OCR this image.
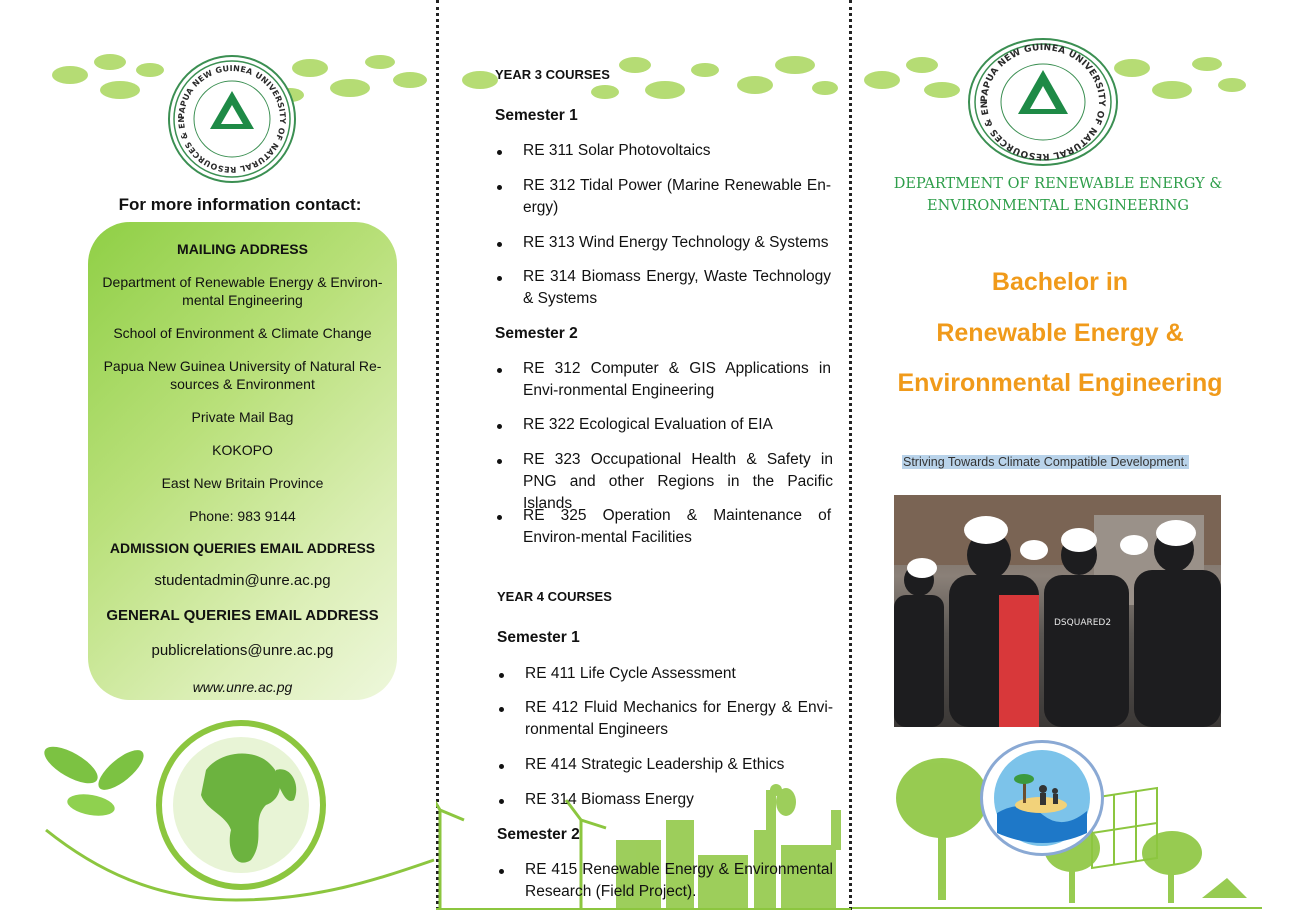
PAPUA NEW GUINEA UNIVERSITY OF NATURAL RESOURCES & EN
For more information contact:
MAILING ADDRESS
Department of Renewable Energy & Environ-mental Engineering
School of Environment & Climate Change
Papua New Guinea University of Natural Re-sources & Environment
Private Mail Bag
KOKOPO
East New Britain Province
Phone: 983 9144
ADMISSION QUERIES EMAIL ADDRESS
studentadmin@unre.ac.pg
GENERAL QUERIES EMAIL ADDRESS
publicrelations@unre.ac.pg
www.unre.ac.pg
YEAR 3 COURSES
Semester 1
RE 311 Solar Photovoltaics
RE 312 Tidal Power (Marine Renewable En-ergy)
RE 313 Wind Energy Technology & Systems
RE 314 Biomass Energy, Waste Technology & Systems
Semester 2
RE 312 Computer & GIS Applications in Envi-ronmental Engineering
RE 322 Ecological Evaluation of EIA
RE 323 Occupational Health & Safety in PNG and other Regions in the Pacific Islands
RE 325 Operation & Maintenance of Environ-mental Facilities
YEAR 4 COURSES
Semester 1
RE 411 Life Cycle Assessment
RE 412 Fluid Mechanics for Energy & Envi-ronmental Engineers
RE 414 Strategic Leadership & Ethics
RE 314 Biomass Energy
Semester 2
RE 415 Renewable Energy & Environmental Research (Field Project).
PAPUA NEW GUINEA UNIVERSITY OF NATURAL RESOURCES & EN
DEPARTMENT OF RENEWABLE ENERGY &
ENVIRONMENTAL ENGINEERING
Bachelor in
Renewable Energy &
Environmental Engineering
Striving Towards Climate Compatible Development.
DSQUARED2
